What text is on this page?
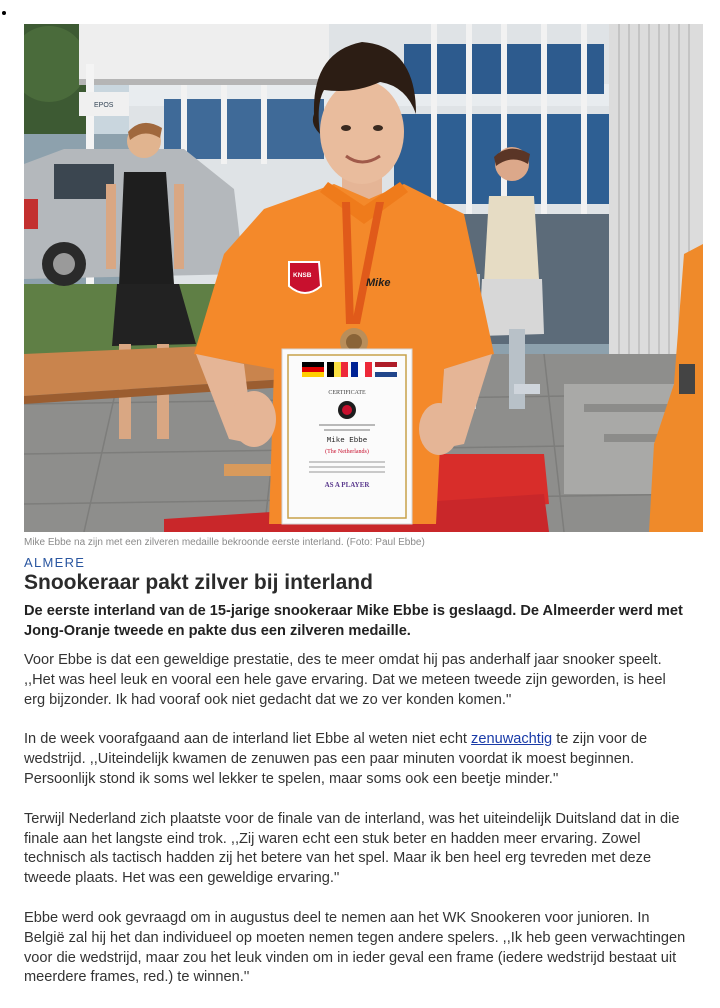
EPOS
KNSB
Mike
CERTIFICATE
Mike Ebbe
(The Netherlands)
AS A PLAYER
Mike Ebbe na zijn met een zilveren medaille bekroonde eerste interland. (Foto: Paul Ebbe)
ALMERE
Snookeraar pakt zilver bij interland

De eerste interland van de 15-jarige snookeraar Mike Ebbe is geslaagd. De Almeerder werd met Jong-Oranje tweede en pakte dus een zilveren medaille.

Voor Ebbe is dat een geweldige prestatie, des te meer omdat hij pas anderhalf jaar snooker speelt.
,,Het was heel leuk en vooral een hele gave ervaring. Dat we meteen tweede zijn geworden, is heel
erg bijzonder. Ik had vooraf ook niet gedacht dat we zo ver konden komen.''

In de week voorafgaand aan de interland liet Ebbe al weten niet echt zenuwachtig te zijn voor de
wedstrijd. ,,Uiteindelijk kwamen de zenuwen pas een paar minuten voordat ik moest beginnen.
Persoonlijk stond ik soms wel lekker te spelen, maar soms ook een beetje minder.''

Terwijl Nederland zich plaatste voor de finale van de interland, was het uiteindelijk Duitsland dat in die
finale aan het langste eind trok. ,,Zij waren echt een stuk beter en hadden meer ervaring. Zowel
technisch als tactisch hadden zij het betere van het spel. Maar ik ben heel erg tevreden met deze
tweede plaats. Het was een geweldige ervaring.''

Ebbe werd ook gevraagd om in augustus deel te nemen aan het WK Snookeren voor junioren. In
België zal hij het dan individueel op moeten nemen tegen andere spelers. ,,Ik heb geen verwachtingen
voor die wedstrijd, maar zou het leuk vinden om in ieder geval een frame (iedere wedstrijd bestaat uit
meerdere frames, red.) te winnen.''
